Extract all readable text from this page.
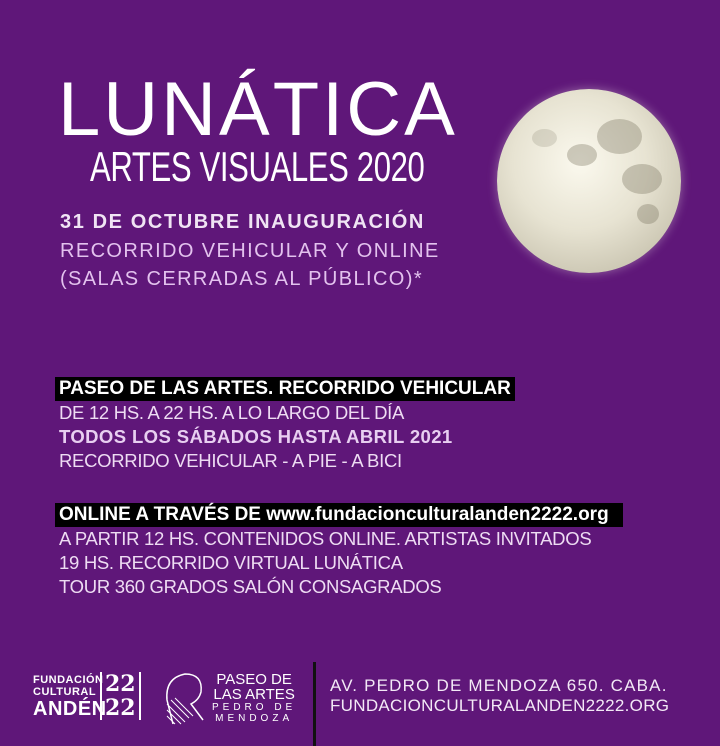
LUNÁTICA
ARTES VISUALES 2020
31 DE OCTUBRE INAUGURACIÓN
RECORRIDO VEHICULAR Y ONLINE
(SALAS CERRADAS AL PÚBLICO)*
PASEO DE LAS ARTES. RECORRIDO VEHICULAR
DE 12 HS. A 22 HS. A LO LARGO DEL DÍA
TODOS LOS SÁBADOS HASTA ABRIL 2021
RECORRIDO VEHICULAR - A PIE - A BICI
ONLINE A TRAVÉS DE www.fundacionculturalanden2222.org
A PARTIR 12 HS. CONTENIDOS ONLINE. ARTISTAS INVITADOS
19 HS. RECORRIDO VIRTUAL LUNÁTICA
TOUR 360 GRADOS SALÓN CONSAGRADOS
FUNDACIÓN
CULTURAL
ANDÉN
22
22
PASEO DE
LAS ARTES
PEDRO DE
MENDOZA
AV. PEDRO DE MENDOZA 650. CABA.
FUNDACIONCULTURALANDEN2222.ORG
